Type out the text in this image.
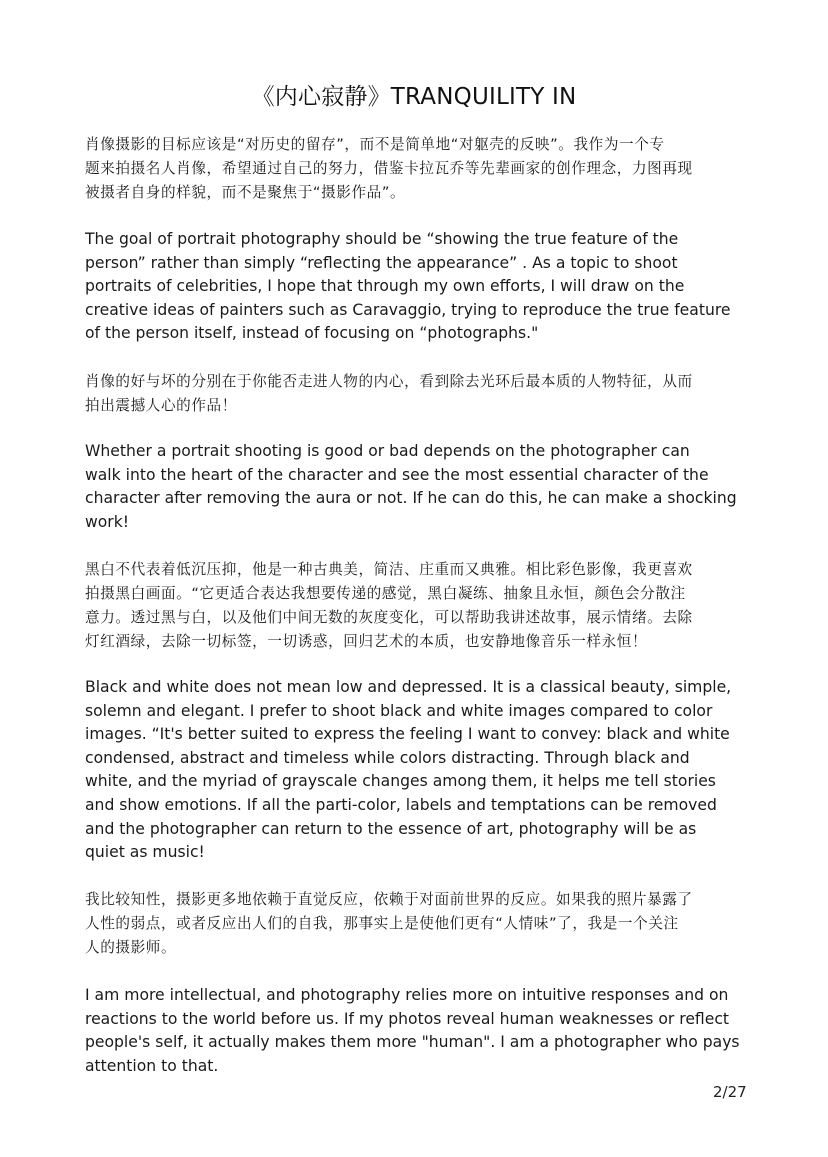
《内心寂静》TRANQUILITY IN

肖像摄影的目标应该是“对历史的留存”，而不是简单地“对躯壳的反映”。我作为一个专
题来拍摄名人肖像，希望通过自己的努力，借鉴卡拉瓦乔等先辈画家的创作理念，力图再现
被摄者自身的样貌，而不是聚焦于“摄影作品”。

The goal of portrait photography should be “showing the true feature of the
person” rather than simply “reflecting the appearance” . As a topic to shoot
portraits of celebrities, I hope that through my own efforts, I will draw on the
creative ideas of painters such as Caravaggio, trying to reproduce the true feature
of the person itself, instead of focusing on “photographs."

肖像的好与坏的分别在于你能否走进人物的内心，看到除去光环后最本质的人物特征，从而
拍出震撼人心的作品！

Whether a portrait shooting is good or bad depends on the photographer can
walk into the heart of the character and see the most essential character of the
character after removing the aura or not. If he can do this, he can make a shocking
work!

黑白不代表着低沉压抑，他是一种古典美，简洁、庄重而又典雅。相比彩色影像，我更喜欢
拍摄黑白画面。“它更适合表达我想要传递的感觉，黑白凝练、抽象且永恒，颜色会分散注
意力。透过黑与白，以及他们中间无数的灰度变化，可以帮助我讲述故事，展示情绪。去除
灯红酒绿，去除一切标签，一切诱惑，回归艺术的本质，也安静地像音乐一样永恒！

Black and white does not mean low and depressed. It is a classical beauty, simple,
solemn and elegant. I prefer to shoot black and white images compared to color
images. “It's better suited to express the feeling I want to convey: black and white
condensed, abstract and timeless while colors distracting. Through black and
white, and the myriad of grayscale changes among them, it helps me tell stories
and show emotions. If all the parti-color, labels and temptations can be removed
and the photographer can return to the essence of art, photography will be as
quiet as music!

我比较知性，摄影更多地依赖于直觉反应，依赖于对面前世界的反应。如果我的照片暴露了
人性的弱点，或者反应出人们的自我，那事实上是使他们更有“人情味”了，我是一个关注
人的摄影师。

I am more intellectual, and photography relies more on intuitive responses and on
reactions to the world before us. If my photos reveal human weaknesses or reflect
people's self, it actually makes them more "human". I am a photographer who pays
attention to that.

2/27
